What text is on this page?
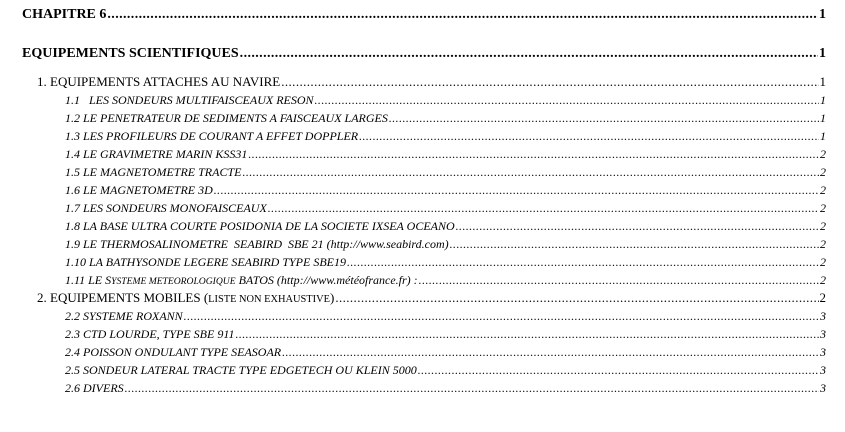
CHAPITRE 6 .....	1
EQUIPEMENTS SCIENTIFIQUES .....	1
1. EQUIPEMENTS ATTACHES AU NAVIRE .....	1
1.1   LES SONDEURS MULTIFAISCEAUX RESON .....	1
1.2 LE PENETRATEUR DE SEDIMENTS A FAISCEAUX LARGES .....	1
1.3 LES PROFILEURS DE COURANT A EFFET DOPPLER .....	1
1.4 LE GRAVIMETRE MARIN KSS31 .....	2
1.5 LE MAGNETOMETRE TRACTE .....	2
1.6 LE MAGNETOMETRE 3D .....	2
1.7 LES SONDEURS MONOFAISCEAUX .....	2
1.8 LA BASE ULTRA COURTE POSIDONIA DE LA SOCIETE IXSEA OCEANO .....	2
1.9 LE THERMOSALINOMETRE  SEABIRD  SBE 21 (http://www.seabird.com) .....	2
1.10 LA BATHYSONDE LEGERE SEABIRD TYPE SBE19 .....	2
1.11 LE SYSTEME METEOROLOGIQUE BATOS (http://www.météofrance.fr) : .....	2
2. EQUIPEMENTS MOBILES (LISTE NON EXHAUSTIVE) .....	2
2.2 SYSTEME ROXANN .....	3
2.3 CTD LOURDE, TYPE SBE 911 .....	3
2.4 POISSON ONDULANT TYPE SEASOAR .....	3
2.5 SONDEUR LATERAL TRACTE TYPE EDGETECH OU KLEIN 5000 .....	3
2.6 DIVERS .....	3
